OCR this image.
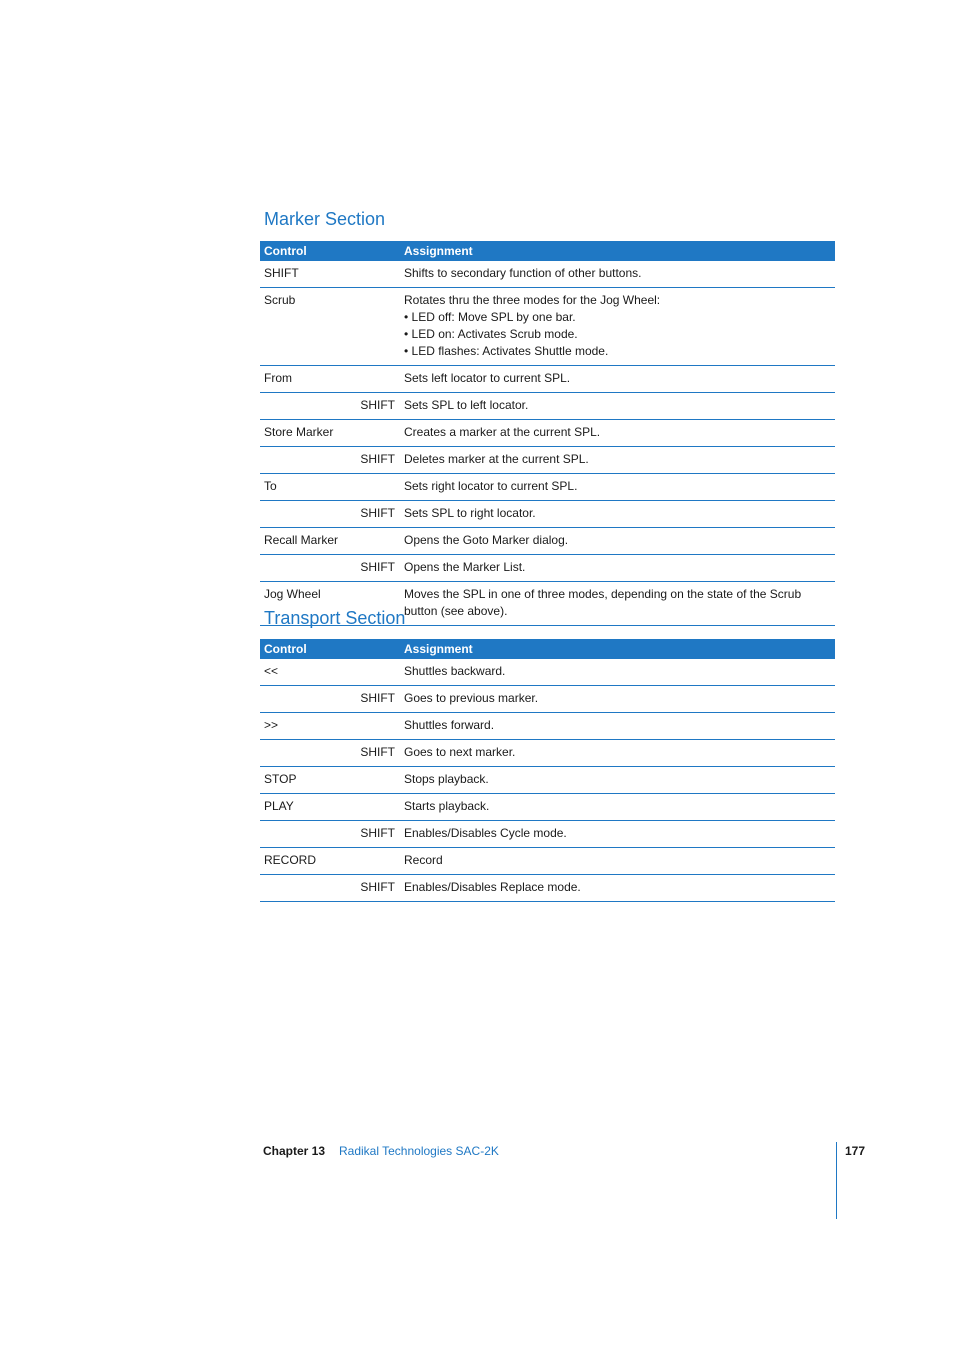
Marker Section
Control	Assignment
SHIFT	Shifts to secondary function of other buttons.
Scrub	Rotates thru the three modes for the Jog Wheel:
• LED off: Move SPL by one bar.
• LED on: Activates Scrub mode.
• LED flashes: Activates Shuttle mode.
From	Sets left locator to current SPL.
SHIFT Sets SPL to left locator.
Store Marker	Creates a marker at the current SPL.
SHIFT Deletes marker at the current SPL.
To	Sets right locator to current SPL.
SHIFT Sets SPL to right locator.
Recall Marker	Opens the Goto Marker dialog.
SHIFT Opens the Marker List.
Jog Wheel	Moves the SPL in one of three modes, depending on the state of the Scrub button (see above).
Transport Section
Control	Assignment
<<	Shuttles backward.
SHIFT Goes to previous marker.
>>	Shuttles forward.
SHIFT Goes to next marker.
STOP	Stops playback.
PLAY	Starts playback.
SHIFT Enables/Disables Cycle mode.
RECORD	Record
SHIFT Enables/Disables Replace mode.
Chapter 13 Radikal Technologies SAC-2K	177
